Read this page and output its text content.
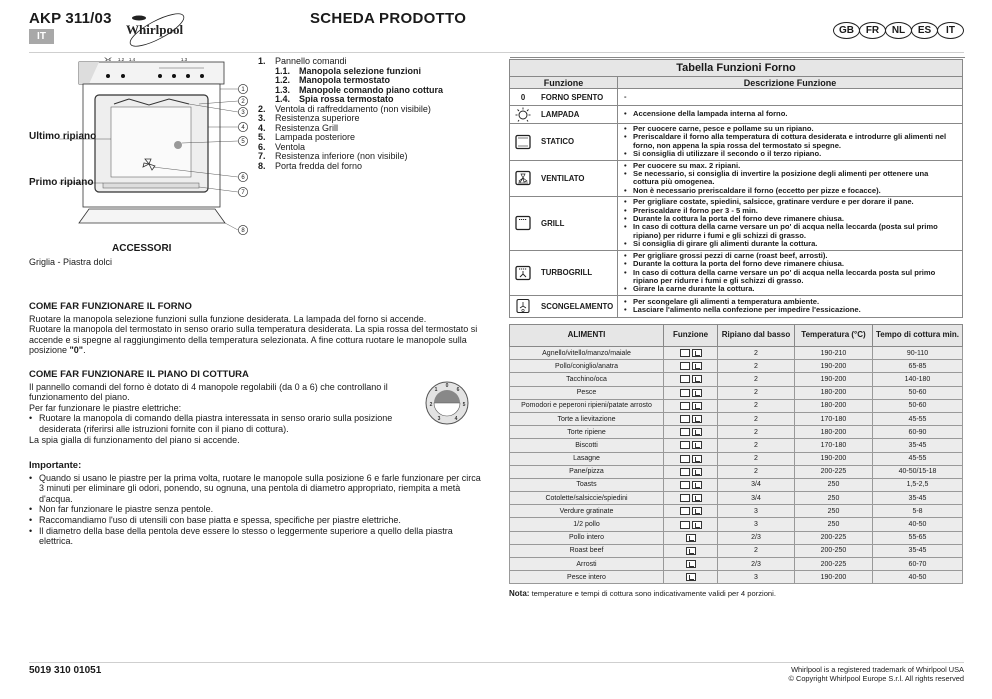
AKP 311/03
IT	Whirlpool
SCHEDA PRODOTTO
GB	FR	NL	ES	IT
1.1 1.2 1.4	1.3
1
2
3
4
5
6
7
8
Ultimo ripiano
Primo ripiano
ACCESSORI
Griglia - Piastra dolci
1.	Pannello comandi
1.1. Manopola selezione funzioni
1.2. Manopola termostato
1.3. Manopole comando piano cottura
1.4. Spia rossa termostato
2.	Ventola di raffreddamento (non visibile)
3.	Resistenza superiore
4.	Resistenza Grill
5.	Lampada posteriore
6.	Ventola
7.	Resistenza inferiore (non visibile)
8.	Porta fredda del forno
COME FAR FUNZIONARE IL FORNO

Ruotare la manopola selezione funzioni sulla funzione desiderata. La lampada del forno si accende.

Ruotare la manopola del termostato in senso orario sulla temperatura desiderata. La spia rossa del termostato si accende e si spegne al raggiungimento della temperatura selezionata. A fine cottura ruotare le manopole sulla posizione "0".

COME FAR FUNZIONARE IL PIANO DI COTTURA

Il pannello comandi del forno è dotato di 4 manopole regolabili (da 0 a 6) che controllano il funzionamento del piano.

Per far funzionare le piastre elettriche:

• Ruotare la manopola di comando della piastra interessata in senso orario sulla posizione desiderata (riferirsi alle istruzioni fornite con il piano di cottura).

La spia gialla di funzionamento del piano si accende.

0
1
2
3	4
5
6
Importante:
• Quando si usano le piastre per la prima volta, ruotare le manopole sulla posizione 6 e farle funzionare per circa 3 minuti per eliminare gli odori, ponendo, su ognuna, una pentola di diametro appropriato, riempita a metà d'acqua.
• Non far funzionare le piastre senza pentole.
• Raccomandiamo l'uso di utensili con base piatta e spessa, specifiche per piastre elettriche.
• Il diametro della base della pentola deve essere lo stesso o leggermente superiore a quello della piastra elettrica.
Tabella Funzioni Forno	
Funzione	Descrizione Funzione

0 FORNO SPENTO	-

LAMPADA	• Accensione della lampada interna al forno.

STATICO

• Per cuocere carne, pesce e pollame su un ripiano.
• Preriscaldare il forno alla temperatura di cottura desiderata e introdurre gli alimenti nel forno, non appena la spia rossa del termostato si spegne.
• Si consiglia di utilizzare il secondo o il terzo ripiano.

VENTILATO

• Per cuocere su max. 2 ripiani.
• Se necessario, si consiglia di invertire la posizione degli alimenti per ottenere una cottura più omogenea.
• Non è necessario preriscaldare il forno (eccetto per pizze e focacce).

GRILL

• Per grigliare costate, spiedini, salsicce, gratinare verdure e per dorare il pane.
• Preriscaldare il forno per 3 - 5 min.
• Durante la cottura la porta del forno deve rimanere chiusa.
• In caso di cottura della carne versare un po' di acqua nella leccarda (posta sul primo ripiano) per ridurre i fumi e gli schizzi di grasso.
• Si consiglia di girare gli alimenti durante la cottura.

TURBOGRILL

• Per grigliare grossi pezzi di carne (roast beef, arrosti).
• Durante la cottura la porta del forno deve rimanere chiusa.
• In caso di cottura della carne versare un po' di acqua nella leccarda posta sul primo ripiano per ridurre i fumi e gli schizzi di grasso.
• Girare la carne durante la cottura.

SCONGELAMENTO	• Per scongelare gli alimenti a temperatura ambiente.
• Lasciare l'alimento nella confezione per impedire l'essicazione.
ALIMENTI	Funzione	Ripiano dal basso	Temperatura (°C)	Tempo di cottura min.
Agnello/vitello/manzo/maiale		2	190-210	90-110
Pollo/coniglio/anatra		2	190-200	65-85
Tacchino/oca		2	190-200	140-180
Pesce		2	180-200	50-60
Pomodori e peperoni ripieni/patate arrosto		2	180-200	50-60
Torte a lievitazione		2	170-180	45-55
Torte ripiene		2	180-200	60-90
Biscotti		2	170-180	35-45
Lasagne		2	190-200	45-55
Pane/pizza		2	200-225	40-50/15-18
Toasts		3/4	250	1,5-2,5
Cotolette/salsiccie/spiedini		3/4	250	35-45
Verdure gratinate		3	250	5-8
1/2 pollo		3	250	40-50
Pollo intero		2/3	200-225	55-65
Roast beef		2	200-250	35-45
Arrosti		2/3	200-225	60-70
Pesce intero		3	190-200	40-50
Nota: temperature e tempi di cottura sono indicativamente validi per 4 porzioni.
5019 310 01051	Whirlpool is a registered trademark of Whirlpool USA
© Copyright Whirlpool Europe S.r.l. All rights reserved
